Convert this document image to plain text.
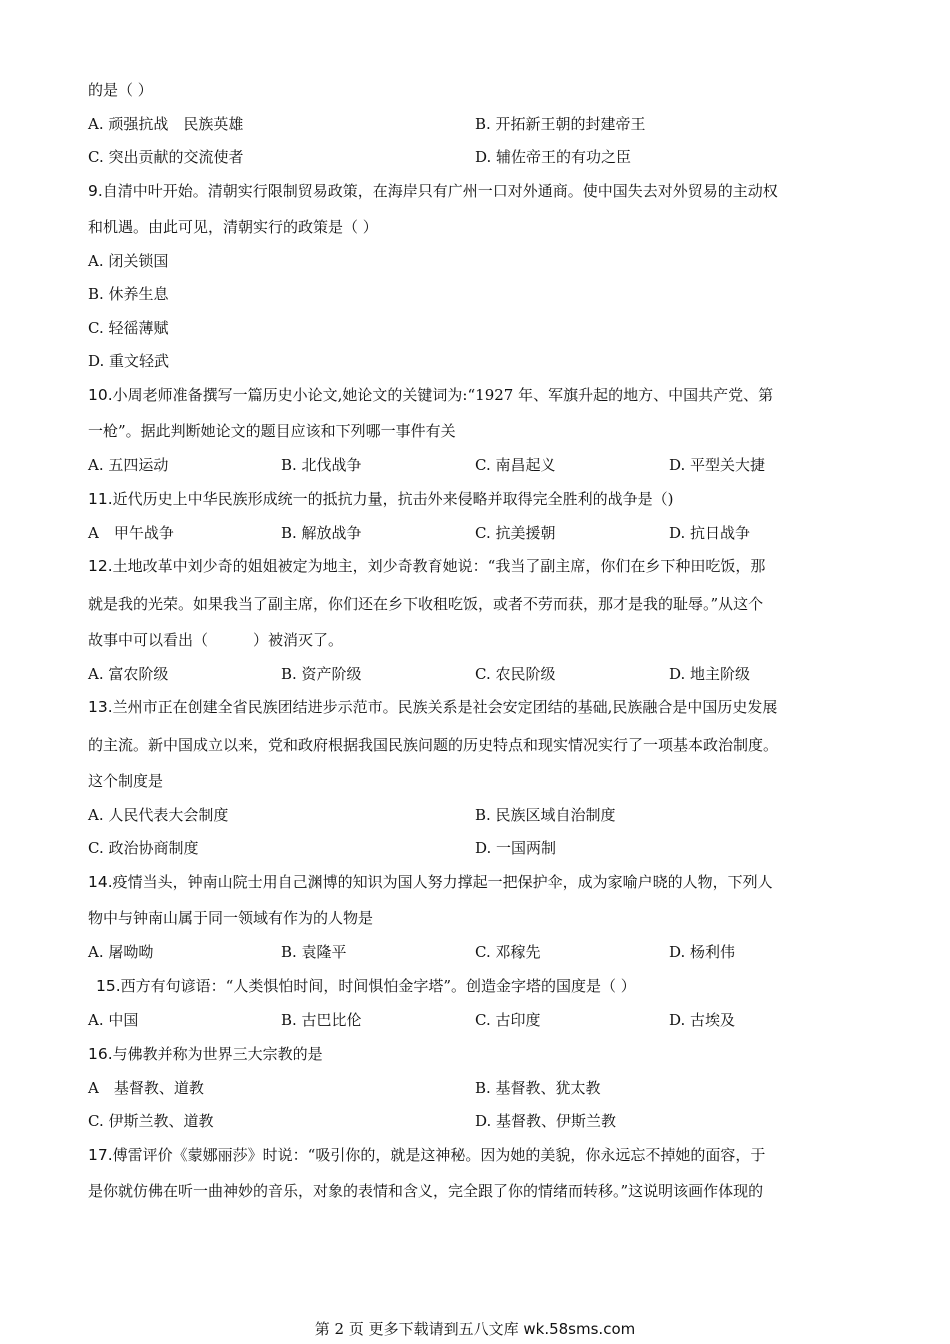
的是（ ）
A. 顽强抗战　民族英雄	B. 开拓新王朝的封建帝王
C. 突出贡献的交流使者	D. 辅佐帝王的有功之臣
9.自清中叶开始。清朝实行限制贸易政策，在海岸只有广州一口对外通商。使中国失去对外贸易的主动权
和机遇。由此可见，清朝实行的政策是（ ）
A. 闭关锁国
B. 休养生息
C. 轻徭薄赋
D. 重文轻武
10.小周老师准备撰写一篇历史小论文,她论文的关键词为:“1927 年、军旗升起的地方、中国共产党、第
一枪”。据此判断她论文的题目应该和下列哪一事件有关
A. 五四运动	B. 北伐战争	C. 南昌起义	D. 平型关大捷
11.近代历史上中华民族形成统一的抵抗力量，抗击外来侵略并取得完全胜利的战争是（)
A　甲午战争	B. 解放战争	C. 抗美援朝	D. 抗日战争
12.土地改革中刘少奇的姐姐被定为地主，刘少奇教育她说：“我当了副主席，你们在乡下种田吃饭，那
就是我的光荣。如果我当了副主席，你们还在乡下收租吃饭，或者不劳而获，那才是我的耻辱。”从这个
故事中可以看出（　　　）被消灭了。
A. 富农阶级	B. 资产阶级	C. 农民阶级	D. 地主阶级
13.兰州市正在创建全省民族团结进步示范市。民族关系是社会安定团结的基础,民族融合是中国历史发展
的主流。新中国成立以来，党和政府根据我国民族问题的历史特点和现实情况实行了一项基本政治制度。
这个制度是
A. 人民代表大会制度	B. 民族区域自治制度
C. 政治协商制度	D. 一国两制
14.疫情当头，钟南山院士用自己渊博的知识为国人努力撑起一把保护伞，成为家喻户晓的人物，下列人
物中与钟南山属于同一领域有作为的人物是
A. 屠呦呦	B. 袁隆平	C. 邓稼先	D. 杨利伟
15.西方有句谚语：“人类惧怕时间，时间惧怕金字塔”。创造金字塔的国度是（ ）
A. 中国	B. 古巴比伦	C. 古印度	D. 古埃及
16.与佛教并称为世界三大宗教的是
A　基督教、道教	B. 基督教、犹太教
C. 伊斯兰教、道教	D. 基督教、伊斯兰教
17.傅雷评价《蒙娜丽莎》时说：“吸引你的，就是这神秘。因为她的美貌，你永远忘不掉她的面容，于
是你就仿佛在听一曲神妙的音乐，对象的表情和含义，完全跟了你的情绪而转移。”这说明该画作体现的
第 2 页 更多下载请到五八文库 wk.58sms.com
